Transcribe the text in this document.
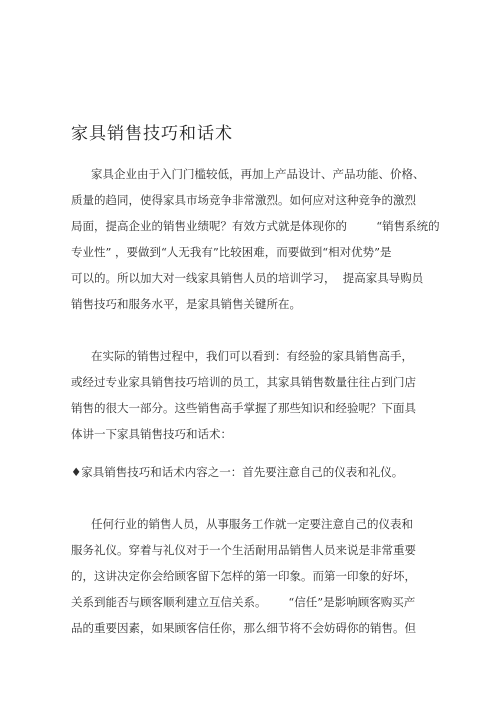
家具销售技巧和话术
家具企业由于入门门槛较低，再加上产品设计、产品功能、价格、
质量的趋同，使得家具市场竞争非常激烈。如何应对这种竞争的激烈
局面，提高企业的销售业绩呢？有效方式就是体现你的        “销售系统的
专业性” ，要做到“人无我有”比较困难，而要做到“相对优势”是
可以的。所以加大对一线家具销售人员的培训学习，  提高家具导购员
销售技巧和服务水平，是家具销售关键所在。
在实际的销售过程中，我们可以看到：有经验的家具销售高手，
或经过专业家具销售技巧培训的员工，其家具销售数量往往占到门店
销售的很大一部分。这些销售高手掌握了那些知识和经验呢？下面具
体讲一下家具销售技巧和话术：
♦家具销售技巧和话术内容之一：首先要注意自己的仪表和礼仪。
任何行业的销售人员，从事服务工作就一定要注意自己的仪表和
服务礼仪。穿着与礼仪对于一个生活耐用品销售人员来说是非常重要
的，这讲决定你会给顾客留下怎样的第一印象。而第一印象的好坏，
关系到能否与顾客顺利建立互信关系。      “信任”是影响顾客购买产
品的重要因素，如果顾客信任你，那么细节将不会妨碍你的销售。但
